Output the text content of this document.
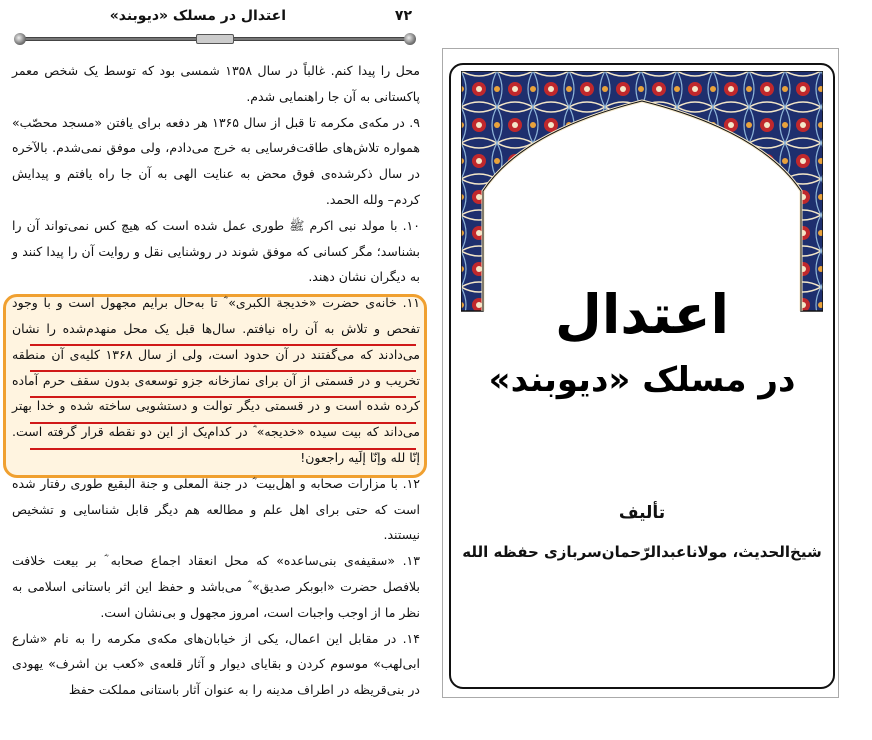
اعتدال در مسلک «دیوبند»	۷۲

محل را پیدا کنم. غالباً در سال ۱۳۵۸ شمسی بود که توسط یک شخص معمر پاکستانی به آن جا راهنمایی شدم.

۹. در مکه‌ی مکرمه تا قبل از سال ۱۳۶۵ هر دفعه برای یافتن «مسجد محصّب» همواره تلاش‌های طاقت‌فرسایی به خرج می‌دادم، ولی موفق نمی‌شدم. بالآخره در سال ذکرشده‌ی فوق محض به عنایت الهی به آن جا راه یافتم و پیدایش کردم– ولله الحمد.

۱۰. با مولد نبی اکرم ﷺ طوری عمل شده است که هیچ کس نمی‌تواند آن را بشناسد؛ مگر کسانی که موفق شوند در روشنایی نقل و روایت آن را پیدا کنند و به دیگران نشان دهند.

۱۱. خانه‌ی حضرت «خدیجة الکبری» ؓ تا به‌حال برایم مجهول است و با وجود تفحص و تلاش به آن راه نیافتم. سال‌ها قبل یک محل منهدم‌شده را نشان می‌دادند که می‌گفتند در آن حدود است، ولی از سال ۱۳۶۸ کلیه‌ی آن منطقه تخریب و در قسمتی از آن برای نمازخانه جزو توسعه‌ی بدون سقف حرم آماده کرده شده است و در قسمتی دیگر توالت و دستشویی ساخته شده و خدا بهتر می‌داند که بیت سیده «خدیجه» ؓ در کدام‌یک از این دو نقطه قرار گرفته است. إنّا لله وإنّا إلَیه راجعون!

۱۲. با مزارات صحابه و اهل‌بیت ؓ در جنة المعلی و جنة البقیع طوری رفتار شده است که حتی برای اهل علم و مطالعه هم دیگر قابل شناسایی و تشخیص نیستند.

۱۳. «سقیفه‌ی بنی‌ساعده» که محل انعقاد اجماع صحابه ؓ بر بیعت خلافت بلافصل حضرت «ابوبکر صدیق» ؓ می‌باشد و حفظ این اثر باستانی اسلامی به نظر ما از اوجب واجبات است، امروز مجهول و بی‌نشان است.

۱۴. در مقابل این اعمال، یکی از خیابان‌های مکه‌ی مکرمه را به نام «شارع ابی‌لهب» موسوم کردن و بقایای دیوار و آثار قلعه‌ی «کعب بن اشرف» یهودی در بنی‌قریظه در اطراف مدینه را به عنوان آثار باستانی مملکت حفظ

اعتدال
در مسلک «دیوبند»
تألیف
شیخ‌الحدیث، مولاناعبدالرّحمان‌سربازی حفظه الله
